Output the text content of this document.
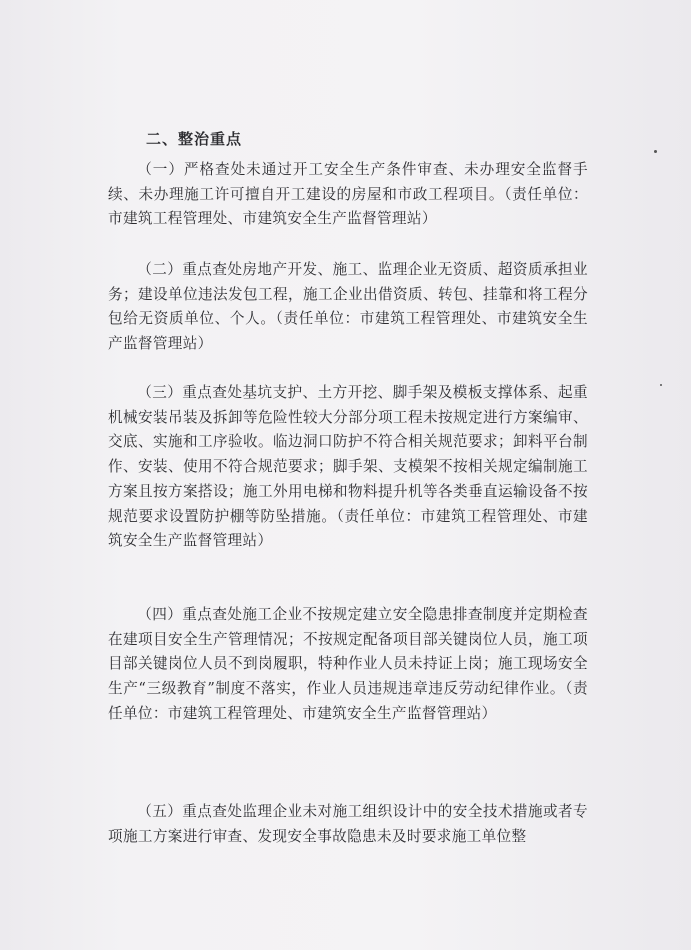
二、整治重点

（一）严格查处未通过开工安全生产条件审查、未办理安全监督手续、未办理施工许可擅自开工建设的房屋和市政工程项目。（责任单位：市建筑工程管理处、市建筑安全生产监督管理站）

（二）重点查处房地产开发、施工、监理企业无资质、超资质承担业务；建设单位违法发包工程，施工企业出借资质、转包、挂靠和将工程分包给无资质单位、个人。（责任单位：市建筑工程管理处、市建筑安全生产监督管理站）

（三）重点查处基坑支护、土方开挖、脚手架及模板支撑体系、起重机械安装吊装及拆卸等危险性较大分部分项工程未按规定进行方案编审、交底、实施和工序验收。临边洞口防护不符合相关规范要求；卸料平台制作、安装、使用不符合规范要求；脚手架、支模架不按相关规定编制施工方案且按方案搭设；施工外用电梯和物料提升机等各类垂直运输设备不按规范要求设置防护棚等防坠措施。（责任单位：市建筑工程管理处、市建筑安全生产监督管理站）

（四）重点查处施工企业不按规定建立安全隐患排查制度并定期检查在建项目安全生产管理情况；不按规定配备项目部关键岗位人员，施工项目部关键岗位人员不到岗履职，特种作业人员未持证上岗；施工现场安全生产“三级教育”制度不落实，作业人员违规违章违反劳动纪律作业。（责任单位：市建筑工程管理处、市建筑安全生产监督管理站）

（五）重点查处监理企业未对施工组织设计中的安全技术措施或者专项施工方案进行审查、发现安全事故隐患未及时要求施工单位整
